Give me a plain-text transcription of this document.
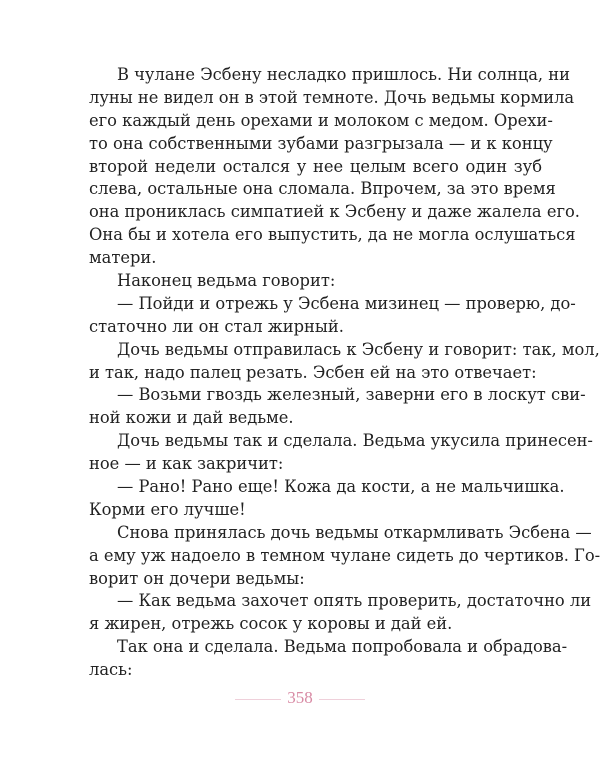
В чулане Эсбену несладко пришлось. Ни солнца, ни
луны не видел он в этой темноте. Дочь ведьмы кормила
его каждый день орехами и молоком с медом. Орехи-
то она собственными зубами разгрызала — и к концу
второй недели остался у нее целым всего один зуб
слева, остальные она сломала. Впрочем, за это время
она прониклась симпатией к Эсбену и даже жалела его.
Она бы и хотела его выпустить, да не могла ослушаться
матери.
Наконец ведьма говорит:
— Пойди и отрежь у Эсбена мизинец — проверю, до-
статочно ли он стал жирный.
Дочь ведьмы отправилась к Эсбену и говорит: так, мол,
и так, надо палец резать. Эсбен ей на это отвечает:
— Возьми гвоздь железный, заверни его в лоскут сви-
ной кожи и дай ведьме.
Дочь ведьмы так и сделала. Ведьма укусила принесен-
ное — и как закричит:
— Рано! Рано еще! Кожа да кости, а не мальчишка.
Корми его лучше!
Снова принялась дочь ведьмы откармливать Эсбена —
а ему уж надоело в темном чулане сидеть до чертиков. Го-
ворит он дочери ведьмы:
— Как ведьма захочет опять проверить, достаточно ли
я жирен, отрежь сосок у коровы и дай ей.
Так она и сделала. Ведьма попробовала и обрадова-
лась:
358
